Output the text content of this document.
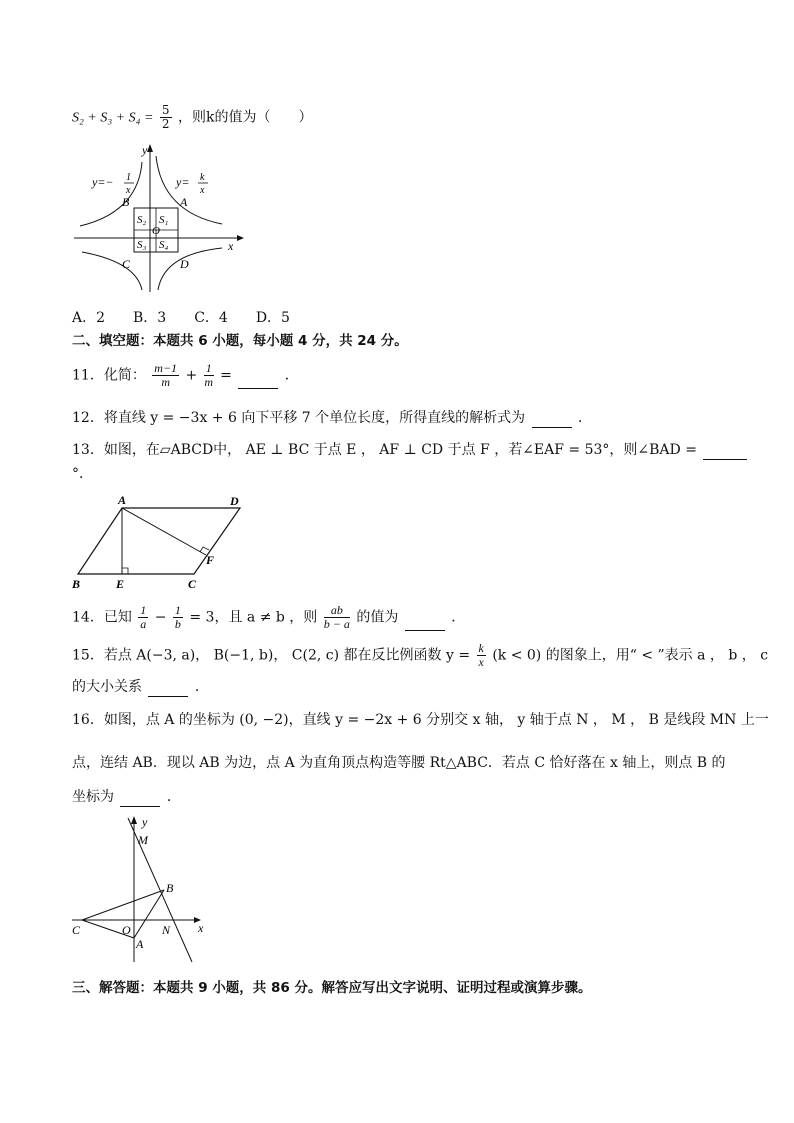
$S_2 + S_3 + S_4 = \frac{5}{2}$ ，则k的值为（　　）
y=− 1
x
y= k
x
y
x
O
A
B
C	D
S₁
S₂
S₃ S₄
A．2　　B．3　　C．4　　D．5
二、填空题：本题共 6 小题，每小题 4 分，共 24 分。
11．化简： $\frac{m-1}{m} + \frac{1}{m}$ =	．
12．将直线 y = −3x + 6 向下平移 7 个单位长度，所得直线的解析式为	．
13．如图，在▱ABCD中， AE ⊥ BC 于点 E ， AF ⊥ CD 于点 F ，若∠EAF = 53°，则∠BAD =
°．
A	D
B	E	C
F
14．已知 $\frac{1}{a} - \frac{1}{b} = 3$，且 a ≠ b ，则 $\frac{ab}{b - a}$ 的值为	．
15．若点 A(−3, a)， B(−1, b)， C(2, c) 都在反比例函数 $y = \frac{k}{x} (k < 0)$ 的图象上，用“ < ”表示 a ， b ， c
的大小关系	．
16．如图，点 A 的坐标为 (0, −2)，直线 y = −2x + 6 分别交 x 轴， y 轴于点 N ， M ， B 是线段 MN 上一
点，连结 AB．现以 AB 为边，点 A 为直角顶点构造等腰 Rt△ABC．若点 C 恰好落在 x 轴上，则点 B 的
坐标为	．
y
x
M
B
C	O	N
A
三、解答题：本题共 9 小题，共 86 分。解答应写出文字说明、证明过程或演算步骤。
